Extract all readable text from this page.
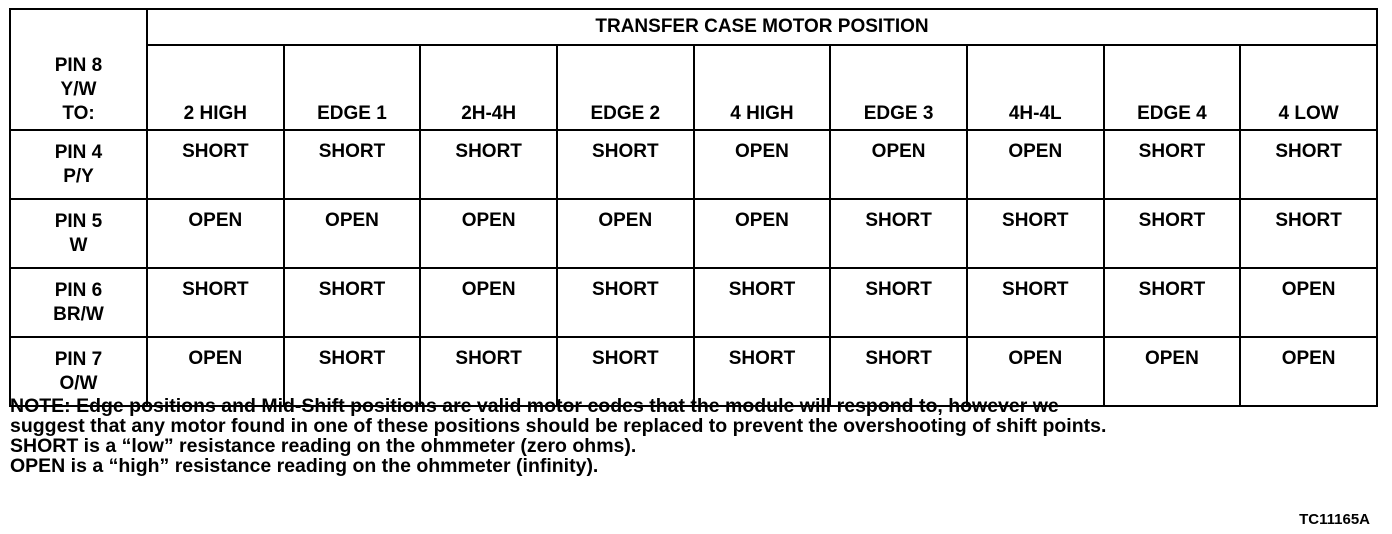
PIN 8
Y/W
TO:	TRANSFER CASE MOTOR POSITION								
	2 HIGH	EDGE 1	2H-4H	EDGE 2	4 HIGH	EDGE 3	4H-4L	EDGE 4	4 LOW

PIN 4
P/Y	SHORT	SHORT	SHORT	SHORT	OPEN	OPEN	OPEN	SHORT	SHORT

PIN 5
W	OPEN	OPEN	OPEN	OPEN	OPEN	SHORT	SHORT	SHORT	SHORT

PIN 6
BR/W	SHORT	SHORT	OPEN	SHORT	SHORT	SHORT	SHORT	SHORT	OPEN

PIN 7
O/W	OPEN	SHORT	SHORT	SHORT	SHORT	SHORT	OPEN	OPEN	OPEN
NOTE: Edge positions and Mid-Shift positions are valid motor codes that the module will respond to, however we
suggest that any motor found in one of these positions should be replaced to prevent the overshooting of shift points.
SHORT is a “low” resistance reading on the ohmmeter (zero ohms).
OPEN is a “high” resistance reading on the ohmmeter (infinity).
TC11165A
